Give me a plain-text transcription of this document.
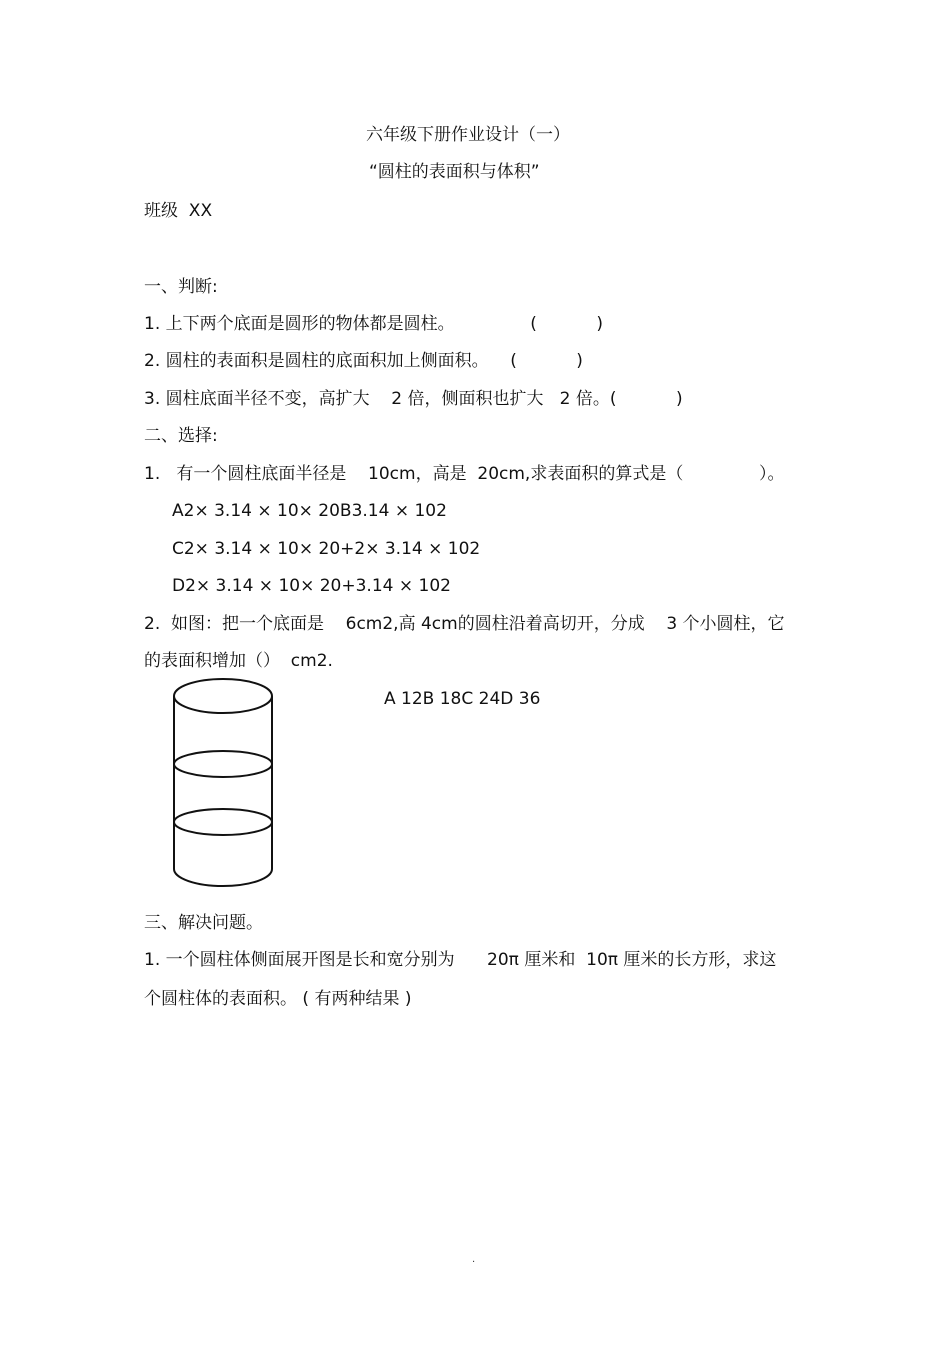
六年级下册作业设计（一）
“圆柱的表面积与体积”
班级  XX
一、判断:
1. 上下两个底面是圆形的物体都是圆柱。              (           )
2. 圆柱的表面积是圆柱的底面积加上侧面积。    (           )
3. 圆柱底面半径不变，高扩大    2 倍，侧面积也扩大   2 倍。(           )
二、选择:
1.   有一个圆柱底面半径是    10cm，高是  20cm,求表面积的算式是（              ）。
A2× 3.14 × 10× 20B3.14 × 102
C2× 3.14 × 10× 20+2× 3.14 × 102
D2× 3.14 × 10× 20+3.14 × 102
2.  如图：把一个底面是    6cm2,高 4cm的圆柱沿着高切开，分成    3 个小圆柱，它
的表面积增加（）  cm2.
A 12B 18C 24D 36
三、解决问题。
1. 一个圆柱体侧面展开图是长和宽分别为      20π 厘米和  10π 厘米的长方形，求这
个圆柱体的表面积。 ( 有两种结果 )
.
